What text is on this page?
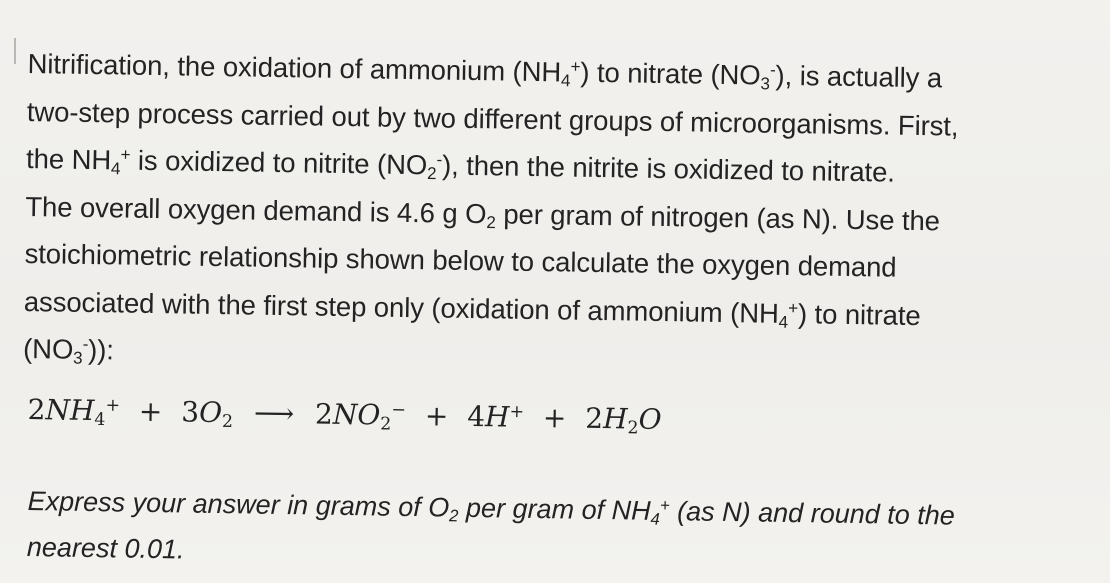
Nitrification, the oxidation of ammonium $(NH_4^+)$ to nitrate $(NO_3^-)$, is actually a
two-step process carried out by two different groups of microorganisms. First,
the $NH_4^+$ is oxidized to nitrite $(NO_2^-)$, then the nitrite is oxidized to nitrate.
The overall oxygen demand is 4.6 g $O_2$ per gram of nitrogen (as N). Use the
stoichiometric relationship shown below to calculate the oxygen demand
associated with the first step only (oxidation of ammonium $(NH_4^+)$ to nitrate
$(NO_3^-)$):
$2NH_4^+ + 3O_2$ ⟶ $2NO_2^- + 4H^+ + 2H_2O$
Express your answer in grams of $O_2$ per gram of $NH_4^+$ (as N) and round to the
nearest 0.01.
